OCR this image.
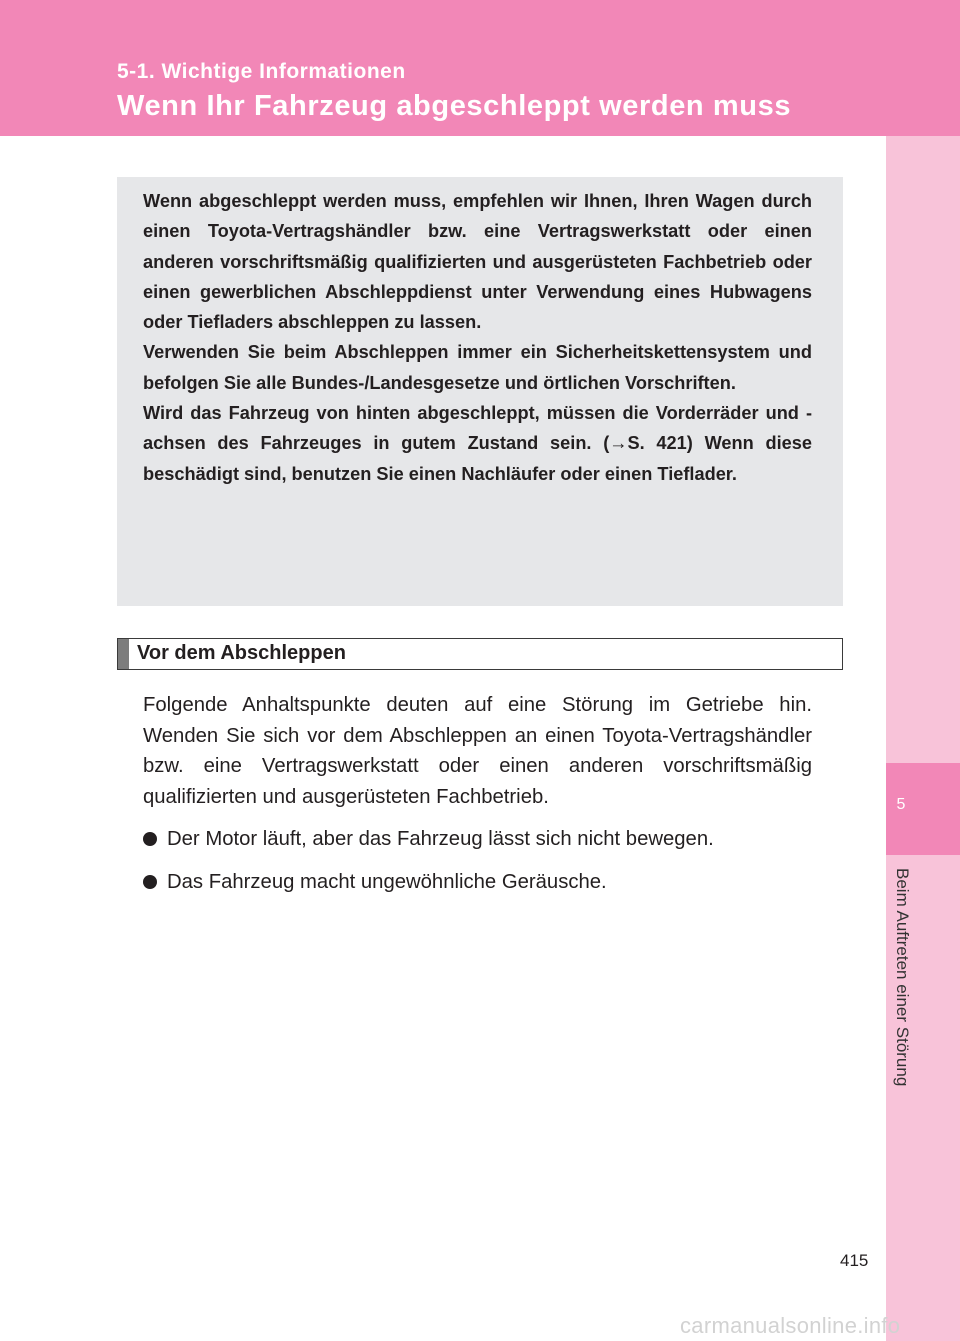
5-1. Wichtige Informationen
Wenn Ihr Fahrzeug abgeschleppt werden muss
5
Beim Auftreten einer Störung

Wenn abgeschleppt werden muss, empfehlen wir Ihnen, Ihren Wagen durch einen Toyota-Vertragshändler bzw. eine Vertragswerkstatt oder einen anderen vorschriftsmäßig qualifizierten und ausgerüsteten Fachbetrieb oder einen gewerblichen Abschleppdienst unter Verwendung eines Hubwagens oder Tiefladers abschleppen zu lassen.

Verwenden Sie beim Abschleppen immer ein Sicherheitskettensystem und befolgen Sie alle Bundes-/Landesgesetze und örtlichen Vorschriften.

Wird das Fahrzeug von hinten abgeschleppt, müssen die Vorderräder und -achsen des Fahrzeuges in gutem Zustand sein. (→S. 421) Wenn diese beschädigt sind, benutzen Sie einen Nachläufer oder einen Tieflader.

Vor dem Abschleppen

Folgende Anhaltspunkte deuten auf eine Störung im Getriebe hin. Wenden Sie sich vor dem Abschleppen an einen Toyota-Vertragshändler bzw. eine Vertragswerkstatt oder einen anderen vorschriftsmäßig qualifizierten und ausgerüsteten Fachbetrieb.

Der Motor läuft, aber das Fahrzeug lässt sich nicht bewegen.
Das Fahrzeug macht ungewöhnliche Geräusche.
415
carmanualsonline.info
